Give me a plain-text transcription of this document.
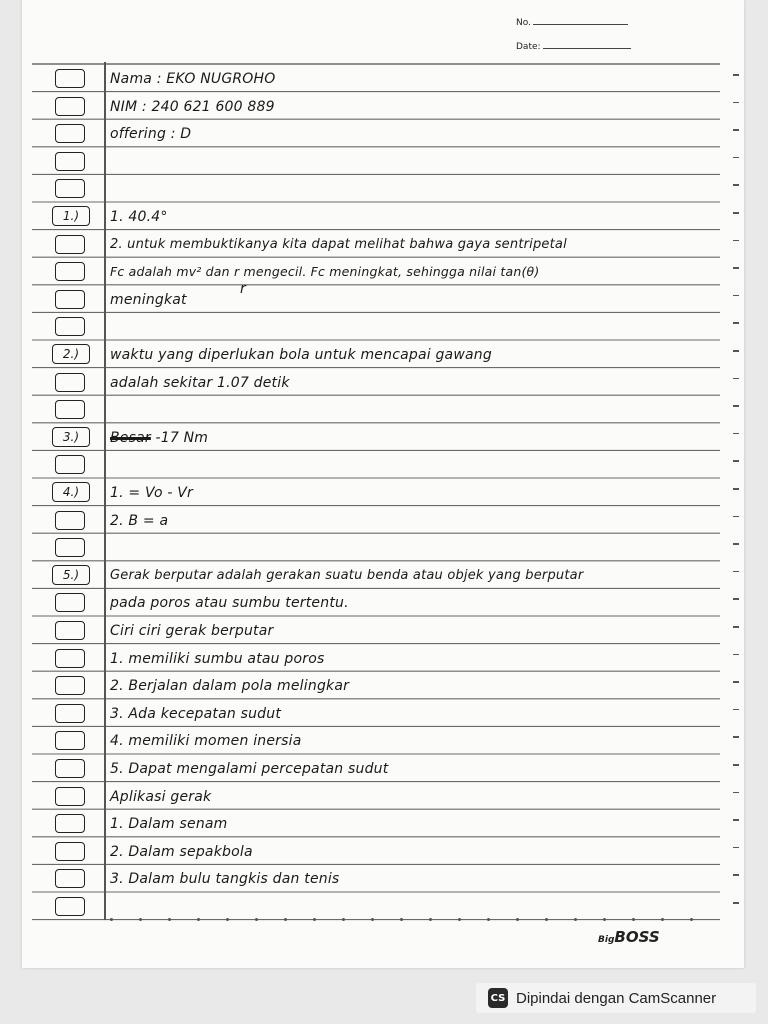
No.
Date:
Nama : EKO NUGROHO
NIM : 240 621 600 889
offering : D
1.)	1. 40.4°
2. untuk membuktikanya kita dapat melihat bahwa gaya sentripetal
Fc adalah mv² dan r mengecil. Fc meningkat, sehingga nilai tan(θ)
meningkat
2.)	waktu yang diperlukan bola untuk mencapai gawang
adalah sekitar 1.07 detik
3.)	Besar -17 Nm
4.)	1. = Vo - Vr
2. B = a
5.)	Gerak berputar adalah gerakan suatu benda atau objek yang berputar
pada poros atau sumbu tertentu.
Ciri ciri gerak berputar
1. memiliki sumbu atau poros
2. Berjalan dalam pola melingkar
3. Ada kecepatan sudut
4. memiliki momen inersia
5. Dapat mengalami percepatan sudut
Aplikasi gerak
1. Dalam senam
2. Dalam sepakbola
3. Dalam bulu tangkis dan tenis
r
BigBOSS
CS Dipindai dengan CamScanner
